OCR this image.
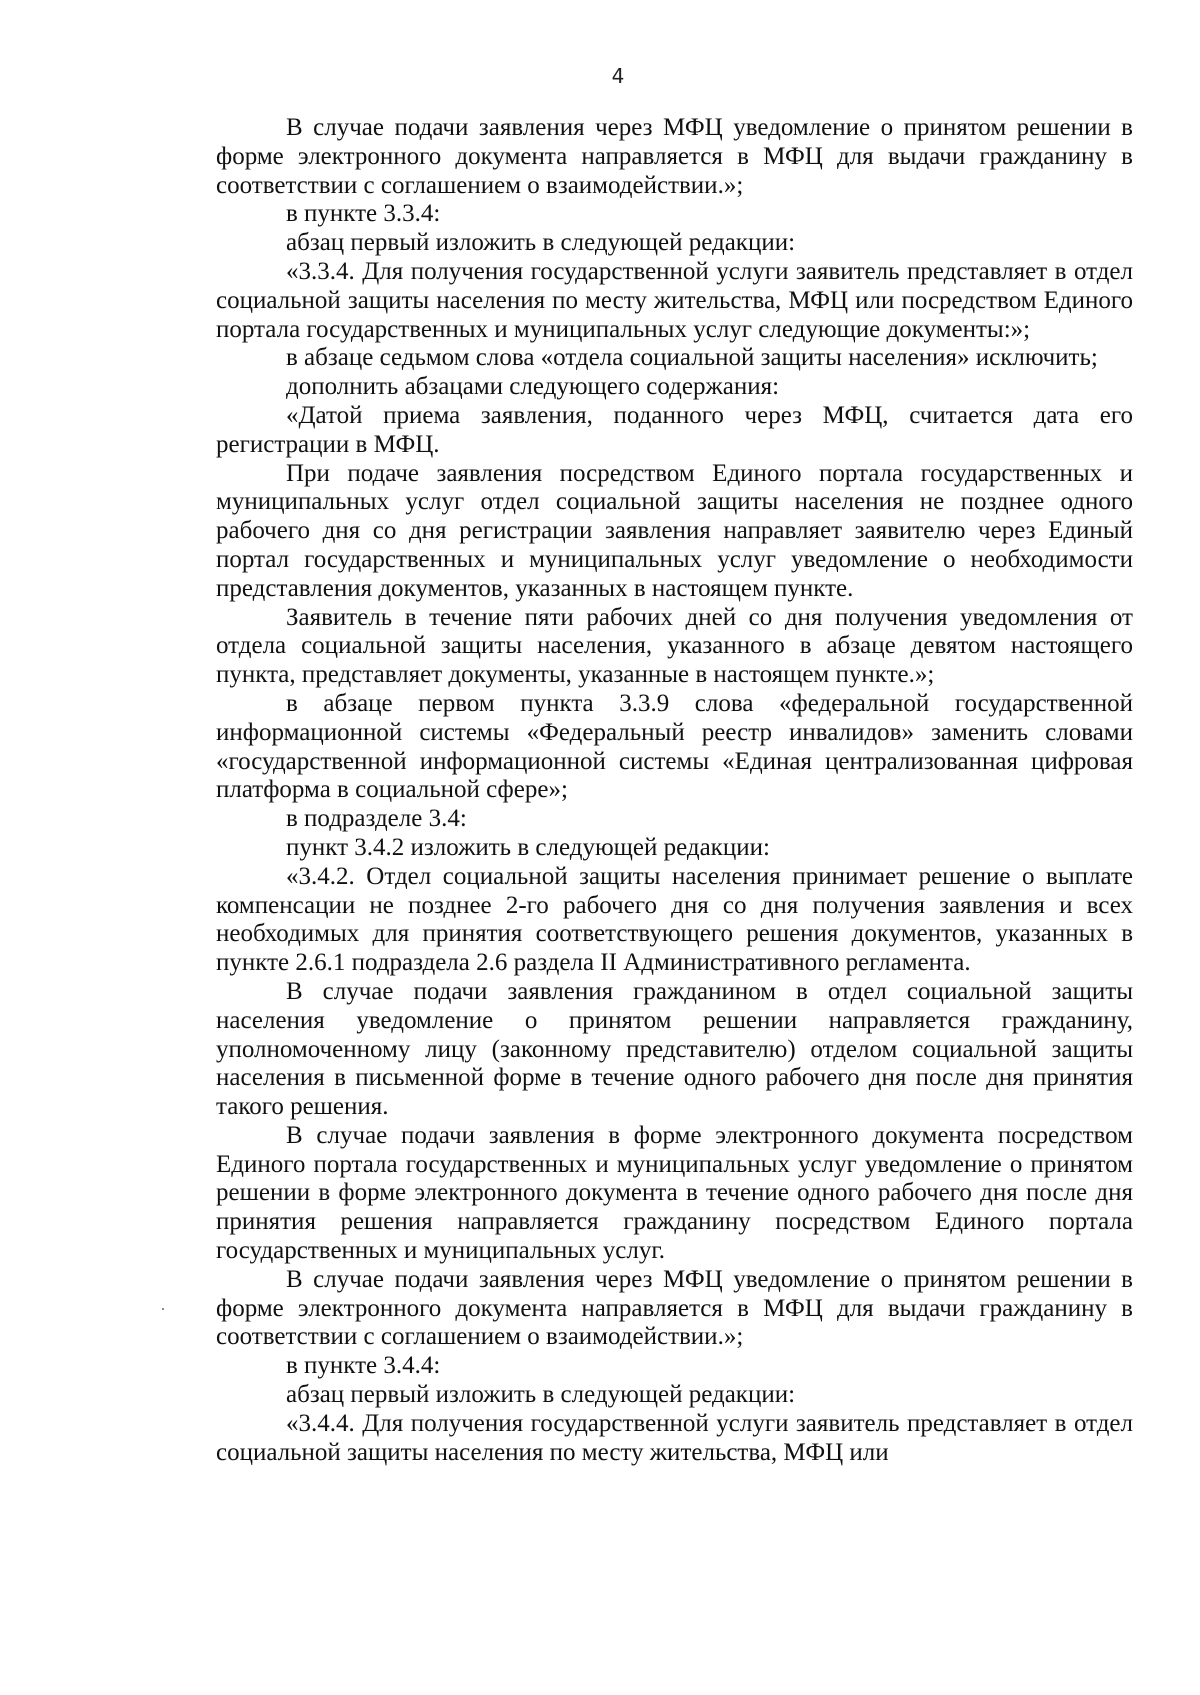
4

В случае подачи заявления через МФЦ уведомление о принятом решении в форме электронного документа направляется в МФЦ для выдачи гражданину в соответствии с соглашением о взаимодействии.»;

в пункте 3.3.4:

абзац первый изложить в следующей редакции:

«3.3.4. Для получения государственной услуги заявитель представляет в отдел социальной защиты населения по месту жительства, МФЦ или посредством Единого портала государственных и муниципальных услуг следующие документы:»;

в абзаце седьмом слова «отдела социальной защиты населения» исключить;

дополнить абзацами следующего содержания:

«Датой приема заявления, поданного через МФЦ, считается дата его регистрации в МФЦ.

При подаче заявления посредством Единого портала государственных и муниципальных услуг отдел социальной защиты населения не позднее одного рабочего дня со дня регистрации заявления направляет заявителю через Единый портал государственных и муниципальных услуг уведомление о необходимости представления документов, указанных в настоящем пункте.

Заявитель в течение пяти рабочих дней со дня получения уведомления от отдела социальной защиты населения, указанного в абзаце девятом настоящего пункта, представляет документы, указанные в настоящем пункте.»;

в абзаце первом пункта 3.3.9 слова «федеральной государственной информационной системы «Федеральный реестр инвалидов» заменить словами «государственной информационной системы «Единая централизованная цифровая платформа в социальной сфере»;

в подразделе 3.4:

пункт 3.4.2 изложить в следующей редакции:

«3.4.2. Отдел социальной защиты населения принимает решение о выплате компенсации не позднее 2-го рабочего дня со дня получения заявления и всех необходимых для принятия соответствующего решения документов, указанных в пункте 2.6.1 подраздела 2.6 раздела II Административного регламента.

В случае подачи заявления гражданином в отдел социальной защиты населения уведомление о принятом решении направляется гражданину, уполномоченному лицу (законному представителю) отделом социальной защиты населения в письменной форме в течение одного рабочего дня после дня принятия такого решения.

В случае подачи заявления в форме электронного документа посредством Единого портала государственных и муниципальных услуг уведомление о принятом решении в форме электронного документа в течение одного рабочего дня после дня принятия решения направляется гражданину посредством Единого портала государственных и муниципальных услуг.

В случае подачи заявления через МФЦ уведомление о принятом решении в форме электронного документа направляется в МФЦ для выдачи гражданину в соответствии с соглашением о взаимодействии.»;

в пункте 3.4.4:

абзац первый изложить в следующей редакции:

«3.4.4. Для получения государственной услуги заявитель представляет в отдел социальной защиты населения по месту жительства, МФЦ или
